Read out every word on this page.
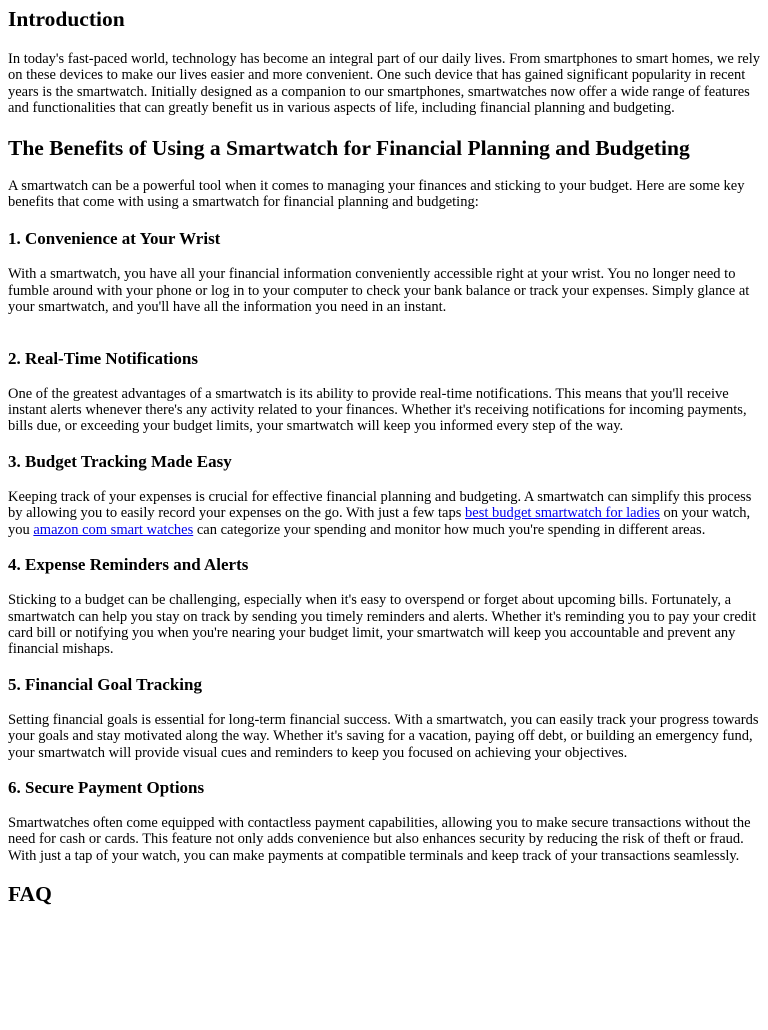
Introduction

In today's fast-paced world, technology has become an integral part of our daily lives. From smartphones to smart homes, we rely on these devices to make our lives easier and more convenient. One such device that has gained significant popularity in recent years is the smartwatch. Initially designed as a companion to our smartphones, smartwatches now offer a wide range of features and functionalities that can greatly benefit us in various aspects of life, including financial planning and budgeting.

The Benefits of Using a Smartwatch for Financial Planning and Budgeting

A smartwatch can be a powerful tool when it comes to managing your finances and sticking to your budget. Here are some key benefits that come with using a smartwatch for financial planning and budgeting:

1. Convenience at Your Wrist

With a smartwatch, you have all your financial information conveniently accessible right at your wrist. You no longer need to fumble around with your phone or log in to your computer to check your bank balance or track your expenses. Simply glance at your smartwatch, and you'll have all the information you need in an instant.

2. Real-Time Notifications

One of the greatest advantages of a smartwatch is its ability to provide real-time notifications. This means that you'll receive instant alerts whenever there's any activity related to your finances. Whether it's receiving notifications for incoming payments, bills due, or exceeding your budget limits, your smartwatch will keep you informed every step of the way.

3. Budget Tracking Made Easy

Keeping track of your expenses is crucial for effective financial planning and budgeting. A smartwatch can simplify this process by allowing you to easily record your expenses on the go. With just a few taps best budget smartwatch for ladies on your watch, you amazon com smart watches can categorize your spending and monitor how much you're spending in different areas.

4. Expense Reminders and Alerts

Sticking to a budget can be challenging, especially when it's easy to overspend or forget about upcoming bills. Fortunately, a smartwatch can help you stay on track by sending you timely reminders and alerts. Whether it's reminding you to pay your credit card bill or notifying you when you're nearing your budget limit, your smartwatch will keep you accountable and prevent any financial mishaps.

5. Financial Goal Tracking

Setting financial goals is essential for long-term financial success. With a smartwatch, you can easily track your progress towards your goals and stay motivated along the way. Whether it's saving for a vacation, paying off debt, or building an emergency fund, your smartwatch will provide visual cues and reminders to keep you focused on achieving your objectives.

6. Secure Payment Options

Smartwatches often come equipped with contactless payment capabilities, allowing you to make secure transactions without the need for cash or cards. This feature not only adds convenience but also enhances security by reducing the risk of theft or fraud. With just a tap of your watch, you can make payments at compatible terminals and keep track of your transactions seamlessly.

FAQ
